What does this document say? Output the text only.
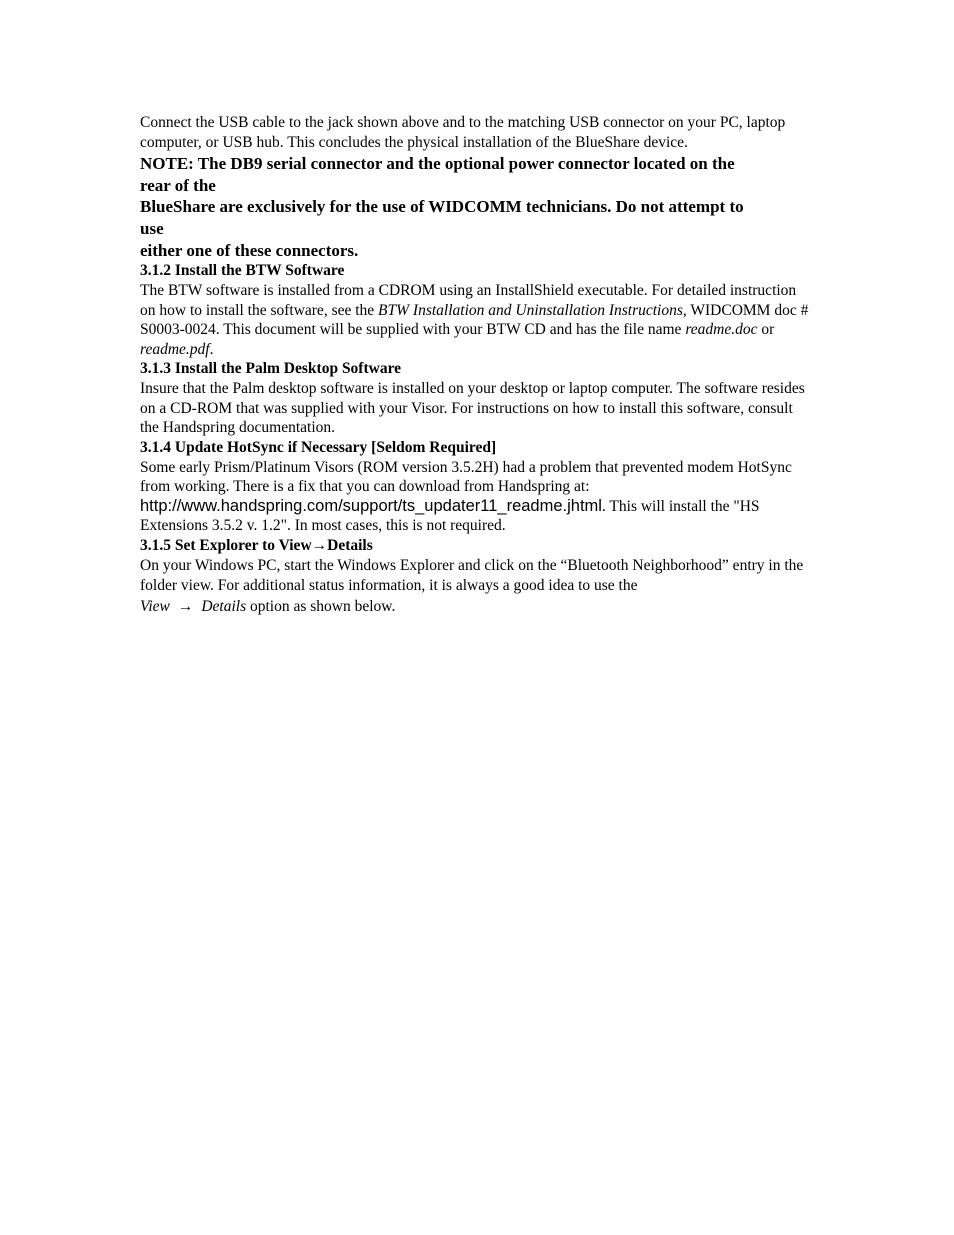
Connect the USB cable to the jack shown above and to the matching USB connector on your PC, laptop computer, or USB hub. This concludes the physical installation of the BlueShare device.

NOTE: The DB9 serial connector and the optional power connector located on the
rear of the
BlueShare are exclusively for the use of WIDCOMM technicians. Do not attempt to
use
either one of these connectors.
3.1.2 Install the BTW Software

The BTW software is installed from a CDROM using an InstallShield executable. For detailed instruction on how to install the software, see the BTW Installation and Uninstallation Instructions, WIDCOMM doc # S0003-0024. This document will be supplied with your BTW CD and has the file name readme.doc or readme.pdf.

3.1.3 Install the Palm Desktop Software

Insure that the Palm desktop software is installed on your desktop or laptop computer. The software resides on a CD-ROM that was supplied with your Visor. For instructions on how to install this software, consult the Handspring documentation.

3.1.4 Update HotSync if Necessary [Seldom Required]

Some early Prism/Platinum Visors (ROM version 3.5.2H) had a problem that prevented modem HotSync from working. There is a fix that you can download from Handspring at:
http://www.handspring.com/support/ts_updater11_readme.jhtml. This will install the "HS
Extensions 3.5.2 v. 1.2". In most cases, this is not required.

3.1.5 Set Explorer to View→Details

On your Windows PC, start the Windows Explorer and click on the “Bluetooth Neighborhood” entry in the folder view. For additional status information, it is always a good idea to use the
View → Details option as shown below.
